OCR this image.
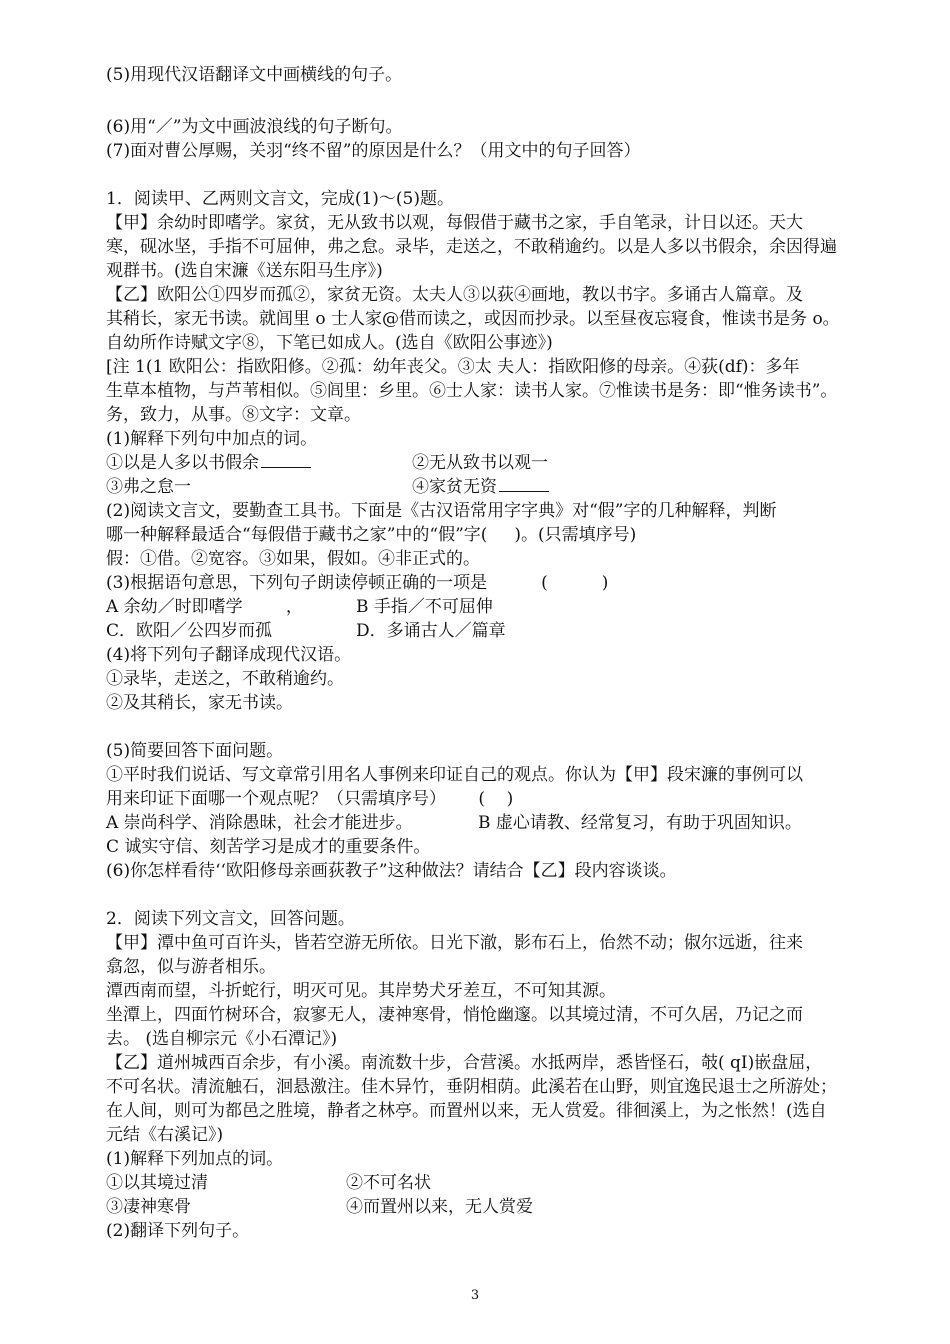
(5)用现代汉语翻译文中画横线的句子。
(6)用“／”为文中画波浪线的句子断句。
(7)面对曹公厚赐，关羽“终不留”的原因是什么？（用文中的句子回答）
1．阅读甲、乙两则文言文，完成(1)～(5)题。
【甲】余幼时即嗜学。家贫，无从致书以观，每假借于藏书之家，手自笔录，计日以还。天大
寒，砚冰坚，手指不可屈伸，弗之怠。录毕，走送之，不敢稍逾约。以是人多以书假余，余因得遍
观群书。(选自宋濂《送东阳马生序》)
【乙】欧阳公①四岁而孤②，家贫无资。太夫人③以荻④画地，教以书字。多诵古人篇章。及
其稍长，家无书读。就闾里 o 士人家@借而读之，或因而抄录。以至昼夜忘寝食，惟读书是务 o。
自幼所作诗赋文字⑧，下笔已如成人。(选自《欧阳公事迹》)
[注 1(1 欧阳公：指欧阳修。②孤：幼年丧父。③太 夫人：指欧阳修的母亲。④荻(df)：多年
生草本植物，与芦苇相似。⑤闾里：乡里。⑥士人家：读书人家。⑦惟读书是务：即“惟务读书”。
务，致力，从事。⑧文字：文章。
(1)解释下列句中加点的词。
①以是人多以书假余	②无从致书以观一
③弗之怠一	④家贫无资
(2)阅读文言文，要勤查工具书。下面是《古汉语常用字字典》对“假”字的几种解释，判断
哪一种解释最适合“每假借于藏书之家”中的“假”字(     )。(只需填序号)
假：①借。②宽容。③如果，假如。④非正式的。
(3)根据语句意思，下列句子朗读停顿正确的一项是          (          )
A 余幼／时即嗜学        ，	B 手指／不可屈伸
C．欧阳／公四岁而孤	D．多诵古人／篇章
(4)将下列句子翻译成现代汉语。
①录毕，走送之，不敢稍逾约。
②及其稍长，家无书读。
(5)简要回答下面问题。
①平时我们说话、写文章常引用名人事例来印证自己的观点。你认为【甲】段宋濂的事例可以
用来印证下面哪一个观点呢？（只需填序号）      (    )
A 崇尚科学、消除愚昧，社会才能进步。	B 虚心请教、经常复习，有助于巩固知识。
C 诚实守信、刻苦学习是成才的重要条件。
(6)你怎样看待‘‘欧阳修母亲画荻教子”这种做法？请结合【乙】段内容谈谈。
2．阅读下列文言文，回答问题。
【甲】潭中鱼可百许头，皆若空游无所依。日光下澈，影布石上，佁然不动；俶尔远逝，往来
翕忽，似与游者相乐。
潭西南而望，斗折蛇行，明灭可见。其岸势犬牙差互，不可知其源。
坐潭上，四面竹树环合，寂寥无人，凄神寒骨，悄怆幽邃。以其境过清，不可久居，乃记之而
去。 (选自柳宗元《小石潭记》)
【乙】道州城西百余步，有小溪。南流数十步，合营溪。水抵两岸，悉皆怪石，攲( qI)嵌盘屈，
不可名状。清流触石，洄悬激注。佳木异竹，垂阴相荫。此溪若在山野，则宜逸民退士之所游处；
在人间，则可为都邑之胜境，静者之林亭。而置州以来，无人赏爱。徘徊溪上，为之怅然！(选自
元结《右溪记》)
(1)解释下列加点的词。
①以其境过清	②不可名状
③凄神寒骨	④而置州以来，无人赏爱
(2)翻译下列句子。
3
